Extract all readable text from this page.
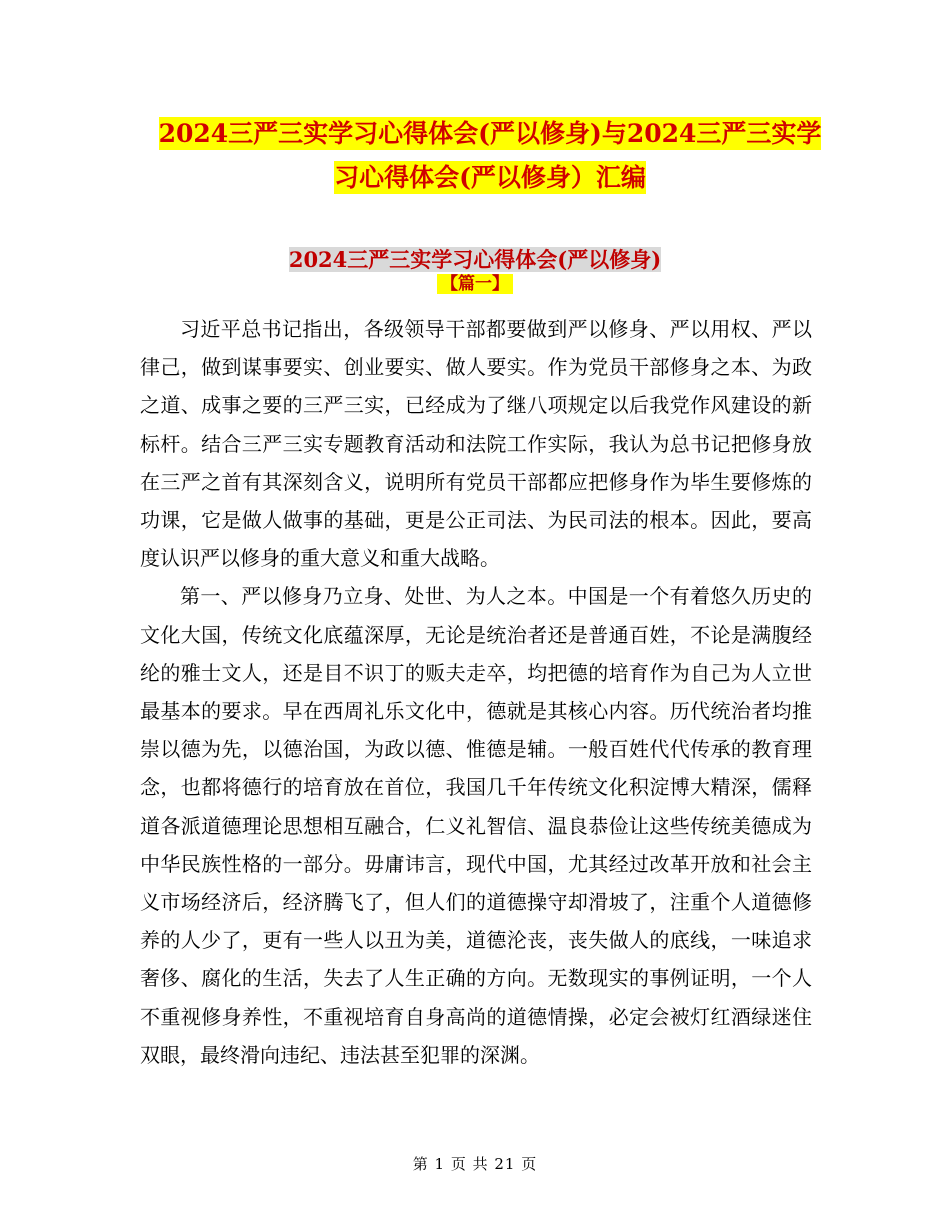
2024三严三实学习心得体会(严以修身)与2024三严三实学习心得体会(严以修身）汇编
2024三严三实学习心得体会(严以修身)
【篇一】

习近平总书记指出，各级领导干部都要做到严以修身、严以用权、严以律己，做到谋事要实、创业要实、做人要实。作为党员干部修身之本、为政之道、成事之要的三严三实，已经成为了继八项规定以后我党作风建设的新标杆。结合三严三实专题教育活动和法院工作实际，我认为总书记把修身放在三严之首有其深刻含义，说明所有党员干部都应把修身作为毕生要修炼的功课，它是做人做事的基础，更是公正司法、为民司法的根本。因此，要高度认识严以修身的重大意义和重大战略。

第一、严以修身乃立身、处世、为人之本。中国是一个有着悠久历史的文化大国，传统文化底蕴深厚，无论是统治者还是普通百姓，不论是满腹经纶的雅士文人，还是目不识丁的贩夫走卒，均把德的培育作为自己为人立世最基本的要求。早在西周礼乐文化中，德就是其核心内容。历代统治者均推崇以德为先，以德治国，为政以德、惟德是辅。一般百姓代代传承的教育理念，也都将德行的培育放在首位，我国几千年传统文化积淀博大精深，儒释道各派道德理论思想相互融合，仁义礼智信、温良恭俭让这些传统美德成为中华民族性格的一部分。毋庸讳言，现代中国，尤其经过改革开放和社会主义市场经济后，经济腾飞了，但人们的道德操守却滑坡了，注重个人道德修养的人少了，更有一些人以丑为美，道德沦丧，丧失做人的底线，一味追求奢侈、腐化的生活，失去了人生正确的方向。无数现实的事例证明，一个人不重视修身养性，不重视培育自身高尚的道德情操，必定会被灯红酒绿迷住双眼，最终滑向违纪、违法甚至犯罪的深渊。

第 1 页 共 21 页
